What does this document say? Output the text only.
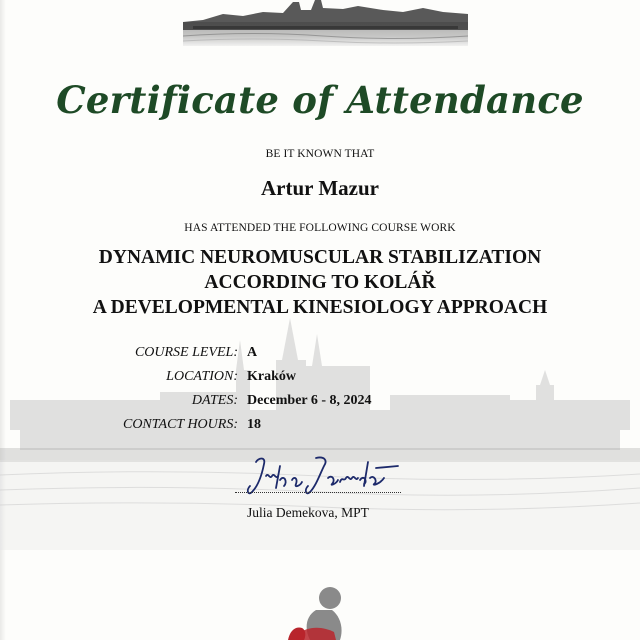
Certificate of Attendance
BE IT KNOWN THAT
Artur Mazur
HAS ATTENDED THE FOLLOWING COURSE WORK
DYNAMIC NEUROMUSCULAR STABILIZATION
ACCORDING TO KOLÁŘ
A DEVELOPMENTAL KINESIOLOGY APPROACH
COURSE LEVEL: A
LOCATION: Kraków
DATES: December 6 - 8, 2024
CONTACT HOURS: 18
Julia Demekova, MPT
